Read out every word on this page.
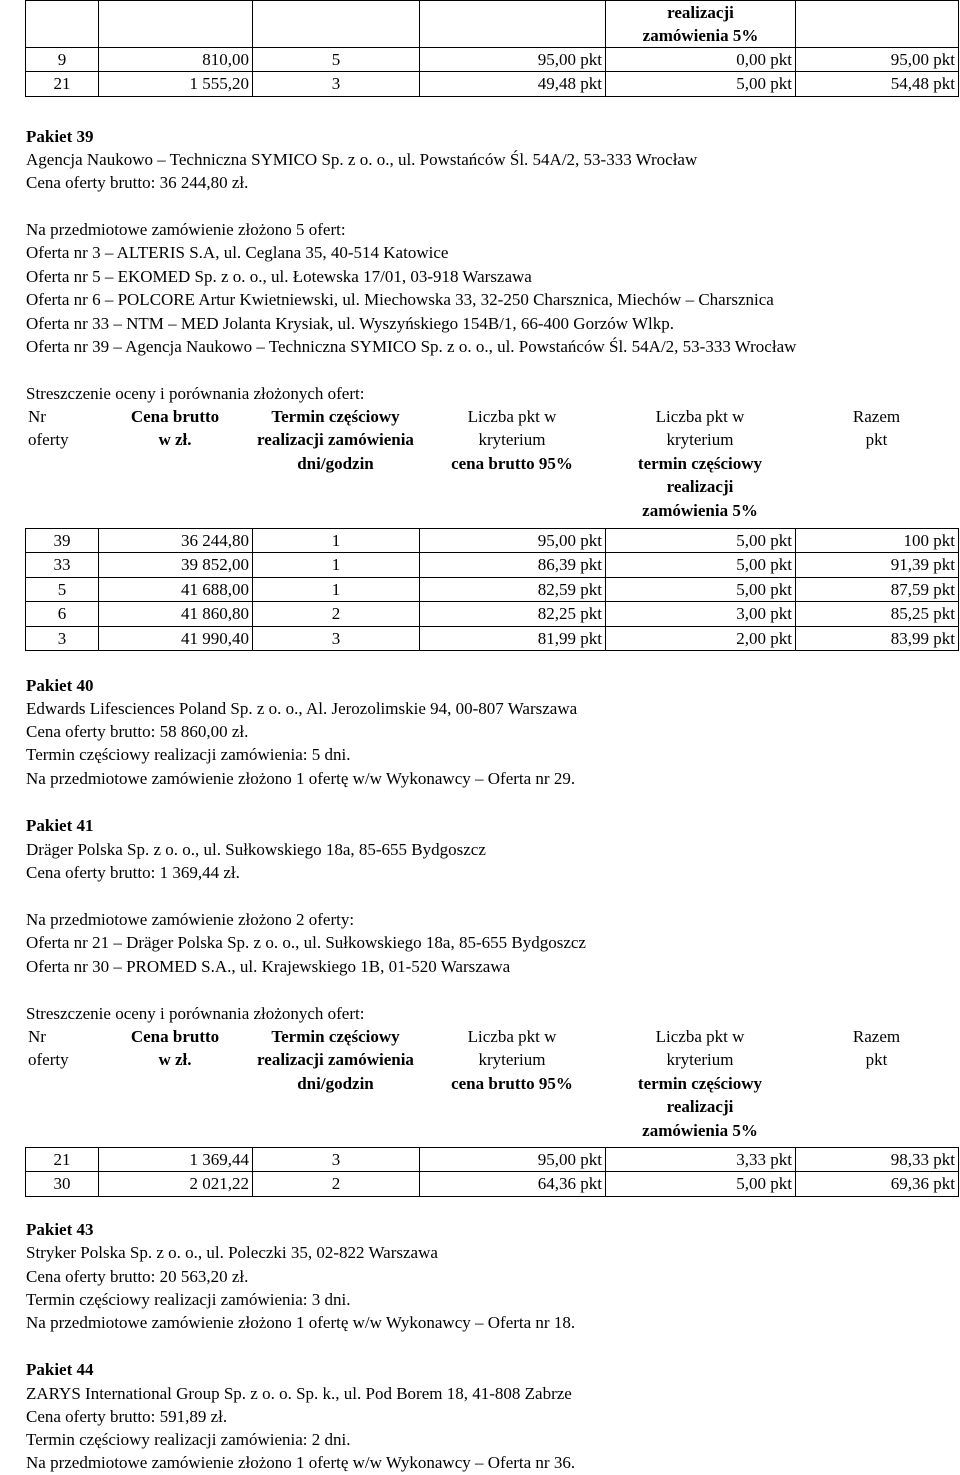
				realizacji
zamówienia 5%	

9	810,00	5	95,00 pkt	0,00 pkt	95,00 pkt
21	1 555,20	3	49,48 pkt	5,00 pkt	54,48 pkt
Pakiet 39
Agencja Naukowo – Techniczna SYMICO Sp. z o. o., ul. Powstańców Śl. 54A/2, 53-333 Wrocław
Cena oferty brutto: 36 244,80 zł.
Na przedmiotowe zamówienie złożono 5 ofert:
Oferta nr 3 – ALTERIS S.A, ul. Ceglana 35, 40-514 Katowice
Oferta nr 5 – EKOMED Sp. z o. o., ul. Łotewska 17/01, 03-918 Warszawa
Oferta nr 6 – POLCORE Artur Kwietniewski, ul. Miechowska 33, 32-250 Charsznica, Miechów – Charsznica
Oferta nr 33 – NTM – MED Jolanta Krysiak, ul. Wyszyńskiego 154B/1, 66-400 Gorzów Wlkp.
Oferta nr 39 – Agencja Naukowo – Techniczna SYMICO Sp. z o. o., ul. Powstańców Śl. 54A/2, 53-333 Wrocław
Streszczenie oceny i porównania złożonych ofert:
Nr
oferty

Cena brutto
w zł.

Termin częściowy
realizacji zamówienia
dni/godzin

Liczba pkt w
kryterium
cena brutto 95%

Liczba pkt w
kryterium
termin częściowy
realizacji
zamówienia 5%

Razem
pkt
39	36 244,80	1	95,00 pkt	5,00 pkt	100 pkt
33	39 852,00	1	86,39 pkt	5,00 pkt	91,39 pkt
5	41 688,00	1	82,59 pkt	5,00 pkt	87,59 pkt
6	41 860,80	2	82,25 pkt	3,00 pkt	85,25 pkt
3	41 990,40	3	81,99 pkt	2,00 pkt	83,99 pkt
Pakiet 40
Edwards Lifesciences Poland Sp. z o. o., Al. Jerozolimskie 94, 00-807 Warszawa
Cena oferty brutto: 58 860,00 zł.
Termin częściowy realizacji zamówienia: 5 dni.
Na przedmiotowe zamówienie złożono 1 ofertę w/w Wykonawcy – Oferta nr 29.
Pakiet 41
Dräger Polska Sp. z o. o., ul. Sułkowskiego 18a, 85-655 Bydgoszcz
Cena oferty brutto: 1 369,44 zł.
Na przedmiotowe zamówienie złożono 2 oferty:
Oferta nr 21 – Dräger Polska Sp. z o. o., ul. Sułkowskiego 18a, 85-655 Bydgoszcz
Oferta nr 30 – PROMED S.A., ul. Krajewskiego 1B, 01-520 Warszawa
Streszczenie oceny i porównania złożonych ofert:
Nr
oferty

Cena brutto
w zł.

Termin częściowy
realizacji zamówienia
dni/godzin

Liczba pkt w
kryterium
cena brutto 95%

Liczba pkt w
kryterium
termin częściowy
realizacji
zamówienia 5%

Razem
pkt
21	1 369,44	3	95,00 pkt	3,33 pkt	98,33 pkt
30	2 021,22	2	64,36 pkt	5,00 pkt	69,36 pkt
Pakiet 43
Stryker Polska Sp. z o. o., ul. Poleczki 35, 02-822 Warszawa
Cena oferty brutto: 20 563,20 zł.
Termin częściowy realizacji zamówienia: 3 dni.
Na przedmiotowe zamówienie złożono 1 ofertę w/w Wykonawcy – Oferta nr 18.
Pakiet 44
ZARYS International Group Sp. z o. o. Sp. k., ul. Pod Borem 18, 41-808 Zabrze
Cena oferty brutto: 591,89 zł.
Termin częściowy realizacji zamówienia: 2 dni.
Na przedmiotowe zamówienie złożono 1 ofertę w/w Wykonawcy – Oferta nr 36.
